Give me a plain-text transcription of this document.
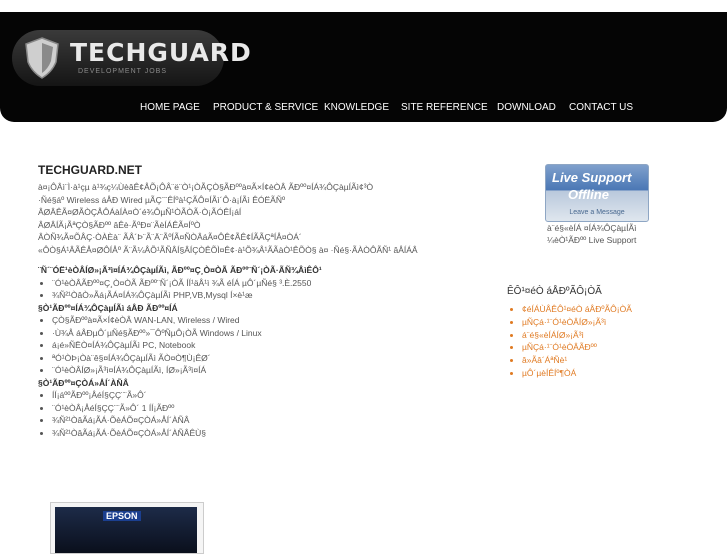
TECHGUARD
DEVELOPMENT JOBS
HOME PAGE PRODUCT & SERVICE KNOWLEDGE SITE REFERENCE DOWNLOAD CONTACT US
TECHGUARD.NET

à¤¡ÔÂì¨Ì·à¹çµ à¹¾ç¼ÙèâÊ¢ÅÕ¡ÔÅ¨ë¨Ò¹¡ÒÃÇÒ§ÃÐººà¤Ã×Í¢èÒÂ ÃÐºº¤ÍÁ¾ÔÇàµÍÃì¢³Ò

·Ñé§áº Wireless áÅÐ Wired µÃÇ¨¨ÊÍºà¹ÇÃÔ¤ÍÃì´Ô·à¡ÍÃì ÊÓËÃÑº

ÂØÂÊÃ¤ØÃÒÇÅÔÁàÍÀ¤Ò´é¾ÔµÑ¹ÒÃÒÃ·Ò¡ÃÓÊÍ¡áÍ

ÂØÂÍÃ¡ÃªÇÒ§ÃÐºº âÊè·ÃºÐ¤¨ÃèÍÁÊÃ¤ÍºÒ

ÂÒÑ¾Ã¤ÕÅÇ·ÒÀÈà¨ ÃÅ´Þ¨Ã¨Ä¨ÃºÍÃ¤ÑÒÂáÃ¤ÔÊ¢ÃÊ¢ÍÃÃÇªÍÅ¤ÒÁ´

«ÔÒ§Á¹ÂÃÊÅ¤ØÔÍÅº Ã¨Ã¼ÅÕ¹ÃÑÂÍ§ÂÍÇÒÊÕÌ¤Ê¢·à¹Õ¾Å¹ÃÃàÒ¹ÊÕÒ§ à¤ ·Ñé§·ÃÀÒÔÃÑ¹ âÅÍÁÂ

¨Ñ´¨ÓË¹èÒÂÍØ»¡Ã³ì¤ÍÁ¾ÔÇàµÍÃì, ÃÐºº¤Ç¸Ò¤ÒÃ ÃÐºº¨Ñ´¡ÒÃ·ÃÑ¾ÂìÊÔ¹

• ¨Ó¹èÒÂÃÐºº¤Ç¸Ò¤ÒÃ ÃÐºº¨Ñ´¡ÒÃ ÍÍ¹äÅ¹ì ¾Ã éÍÁ µÔ´µÑé§ ³.È.2550
• ¾Ñ²¹ÒâÒ»Ãá¡ÃÁ¤ÍÁ¾ÔÇàµÍÃì PHP,VB,Mysql Í×è¹æ

§Ò¹ÃÐºº¤ÍÁ¾ÔÇàµÍÃì áÅÐ ÃÐºº¤ÍÁ

• ÇÒ§ÃÐººà¤Ã×Í¢èÒÂ WAN-LAN, Wireless / Wired
• ·Ù¾Å áÅÐµÔ´µÑé§ÃÐºº»¯ÔºÑµÔ¡ÒÃ Windows / Linux
• á¡é»ÑËÒ¤ÍÁ¾ÔÇàµÍÃì PC, Notebook
• ªÓ¹ÒÞ¡Òà¨ê§¤ÍÁ¾ÔÇàµÍÃì ÃÒ¤Ò¶Ù¡ÊØ´
• ¨Ó¹èÒÂÍØ»¡Ã³ì¤ÍÁ¾ÔÇàµÍÃì, ÍØ»¡Ã³ì¤ÍÁ

§Ò¹ÃÐºº¤ÇÒÁ»ÅÍ´ÀÑÂ

• ÍÍ¡áººÃÐºº¡ÅéÍ§ÇÇ¨¨Ã»Ô´
• ¨Ó¹èÒÂ¡ÅéÍ§ÇÇ¨¨Ã»Ô´ 1 ÍÍ¡ÃÐºº
• ¾Ñ²¹ÒâÃá¡ÃÁ·ÕèÁÕ¤ÇÒÁ»ÅÍ´ÀÑÂ
• ¾Ñ²¹ÒâÃá¡ÃÁ·ÕèÁÕ¤ÇÒÁ»ÅÍ´ÀÑÂÊÙ§
Live Support
Offline
Leave a Message
à¨é§«èÍÁ ¤ÍÁ¾ÔÇàµÍÃì
¼èÒ¹ÃÐºº Live Support
ÊÔ¹¤éÒ áÅÐºÃÔ¡ÒÃ
• ¢éÍÁÙÅÊÔ¹¤éÒ áÅÐºÃÔ¡ÒÃ
• µÑÇá·¹¨Ó¹èÒÂÍØ»¡Ã³ì
• á¨é§«èÍÁÍØ»¡Ã³ì
• µÑÇá·¹¨Ó¹èÒÂÃÐºº
• â»Ãâ´ÁªÑè¹
• µÔ´µèÍÊÍº¶ÒÁ
EPSON
